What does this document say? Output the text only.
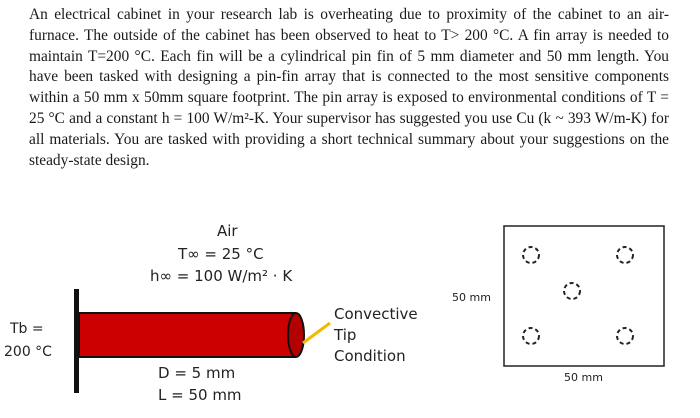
An electrical cabinet in your research lab is overheating due to proximity of the cabinet to an air-furnace. The outside of the cabinet has been observed to heat to T> 200 °C. A fin array is needed to maintain T=200 °C. Each fin will be a cylindrical pin fin of 5 mm diameter and 50 mm length. You have been tasked with designing a pin-fin array that is connected to the most sensitive components within a 50 mm x 50mm square footprint. The pin array is exposed to environmental conditions of T = 25 °C and a constant h = 100 W/m²-K. Your supervisor has suggested you use Cu (k ~ 393 W/m-K) for all materials. You are tasked with providing a short technical summary about your suggestions on the steady-state design.
Air
T∞ = 25 °C
h∞ = 100 W/m² · K
Convective
Tip
Condition
Tb =
200 °C
D = 5 mm
L = 50 mm
50 mm
50 mm
